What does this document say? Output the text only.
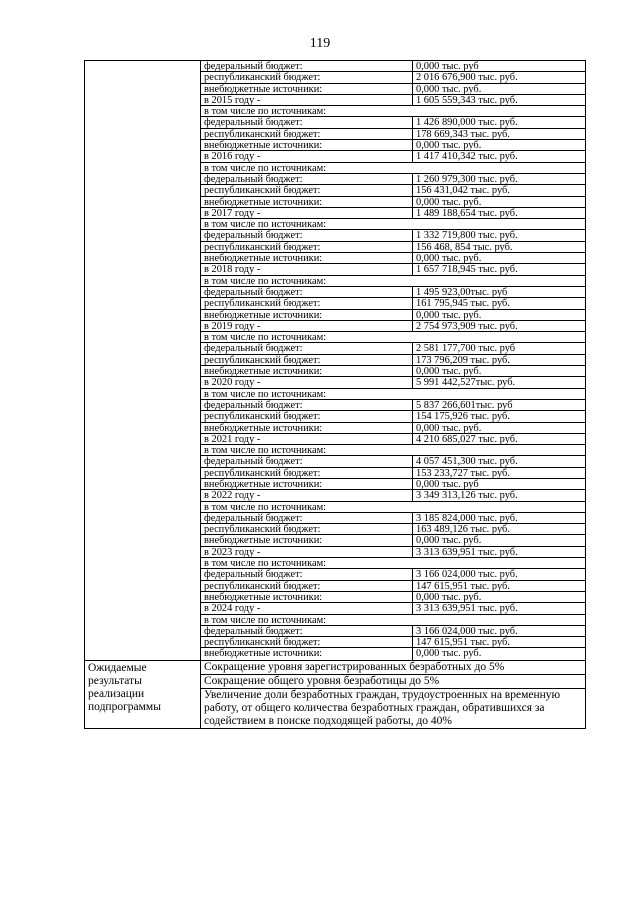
119
федеральный бюджет:	0,000 тыс. руб
республиканский бюджет:	2 016 676,900 тыс. руб.
внебюджетные источники:	0,000 тыс. руб.
в 2015 году -	1 605 559,343 тыс. руб.
в том числе по источникам:
федеральный бюджет:	1 426 890,000 тыс. руб.
республиканский бюджет:	178 669,343 тыс. руб.
внебюджетные источники:	0,000 тыс. руб.
в 2016 году -	1 417 410,342 тыс. руб.
в том числе по источникам:
федеральный бюджет:	1 260 979,300 тыс. руб.
республиканский бюджет:	156 431,042 тыс. руб.
внебюджетные источники:	0,000 тыс. руб.
в 2017 году -	1 489 188,654 тыс. руб.
в том числе по источникам:
федеральный бюджет:	1 332 719,800 тыс. руб.
республиканский бюджет:	156 468, 854 тыс. руб.
внебюджетные источники:	0,000 тыс. руб.
в 2018 году -	1 657 718,945 тыс. руб.
в том числе по источникам:
федеральный бюджет:	1 495 923,00тыс. руб
республиканский бюджет:	161 795,945 тыс. руб.
внебюджетные источники:	0,000 тыс. руб.
в 2019 году -	2 754 973,909 тыс. руб.
в том числе по источникам:
федеральный бюджет:	2 581 177,700 тыс. руб
республиканский бюджет:	173 796,209 тыс. руб.
внебюджетные источники:	0,000 тыс. руб.
в 2020 году -	5 991 442,527тыс. руб.
в том числе по источникам:
федеральный бюджет:	5 837 266,601тыс. руб
республиканский бюджет:	154 175,926 тыс. руб.
внебюджетные источники:	0,000 тыс. руб.
в 2021 году -	4 210 685,027 тыс. руб.
в том числе по источникам:
федеральный бюджет:	4 057 451,300 тыс. руб.
республиканский бюджет:	153 233,727 тыс. руб.
внебюджетные источники:	0,000 тыс. руб
в 2022 году -	3 349 313,126 тыс. руб.
в том числе по источникам:
федеральный бюджет:	3 185 824,000 тыс. руб.
республиканский бюджет:	163 489,126 тыс. руб.
внебюджетные источники:	0,000 тыс. руб.
в 2023 году -	3 313 639,951 тыс. руб.
в том числе по источникам:
федеральный бюджет:	3 166 024,000 тыс. руб.
республиканский бюджет:	147 615,951 тыс. руб.
внебюджетные источники:	0,000 тыс. руб.
в 2024 году -	3 313 639,951 тыс. руб.
в том числе по источникам:
федеральный бюджет:	3 166 024,000 тыс. руб.
республиканский бюджет:	147 615,951 тыс. руб.
внебюджетные источники:	0,000 тыс. руб.
Ожидаемые результаты реализации подпрограммы
Сокращение уровня зарегистрированных безработных до 5%
Сокращение общего уровня безработицы до 5%
Увеличение доли безработных граждан, трудоустроенных на временную работу, от общего количества безработных граждан, обратившихся за содействием в поиске подходящей работы, до 40%
